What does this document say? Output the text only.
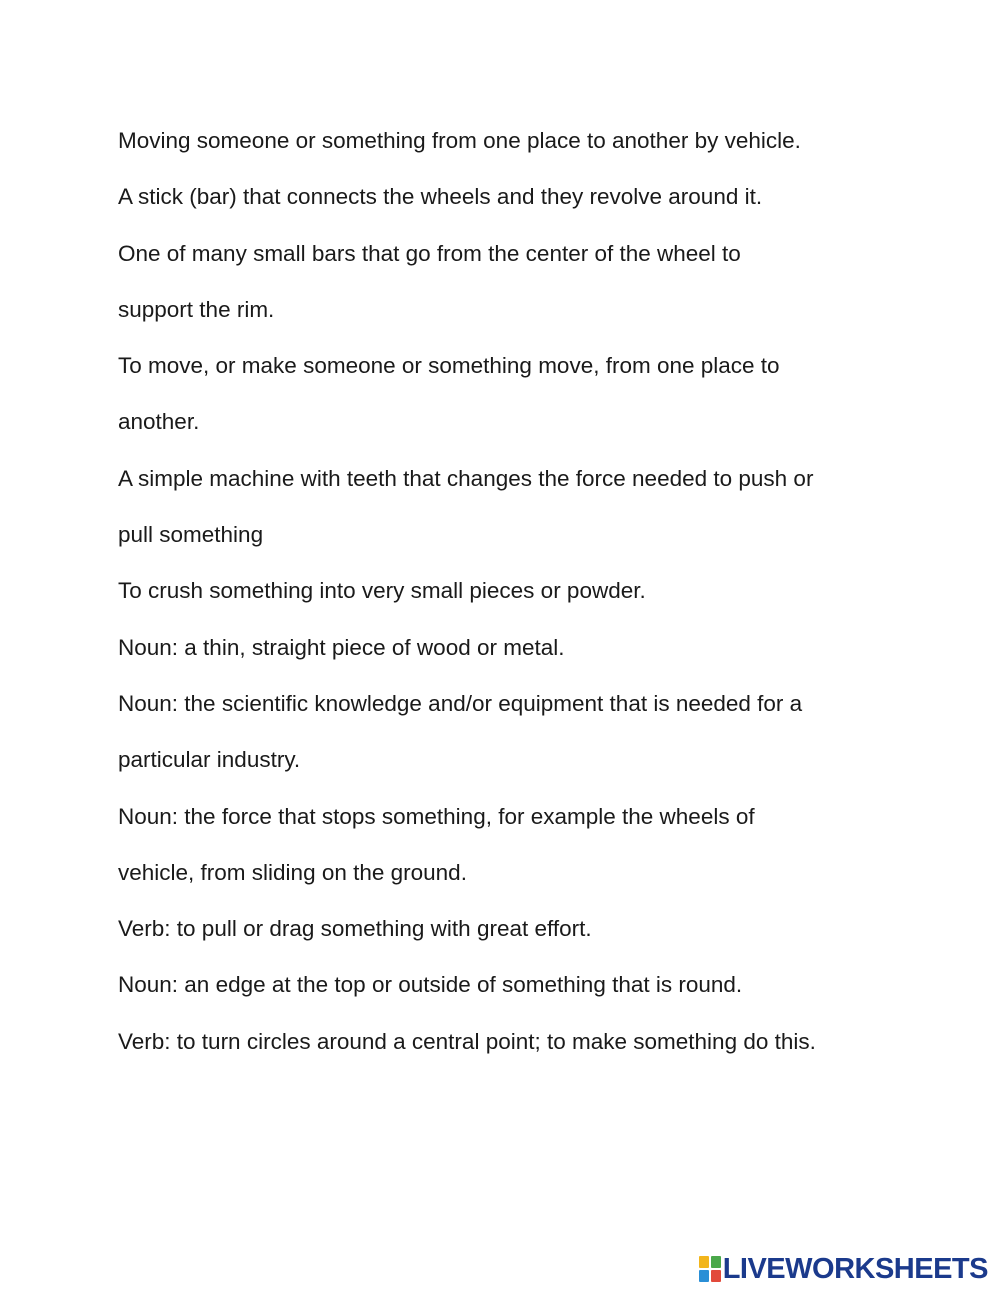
Moving someone or something from one place to another by vehicle.
A stick (bar) that connects the wheels and they revolve around it.
One of many small bars that go from the center of the wheel to
support the rim.
To move, or make someone or something move, from one place to
another.
A simple machine with teeth that changes the force needed to push or
pull something
To crush something into very small pieces or powder.
Noun: a thin, straight piece of wood or metal.
Noun: the scientific knowledge and/or equipment that is needed for a
particular industry.
Noun: the force that stops something, for example the wheels of
vehicle, from sliding on the ground.
Verb: to pull or drag something with great effort.
Noun: an edge at the top or outside of something that is round.
Verb: to turn circles around a central point; to make something do this.
LIVEWORKSHEETS
